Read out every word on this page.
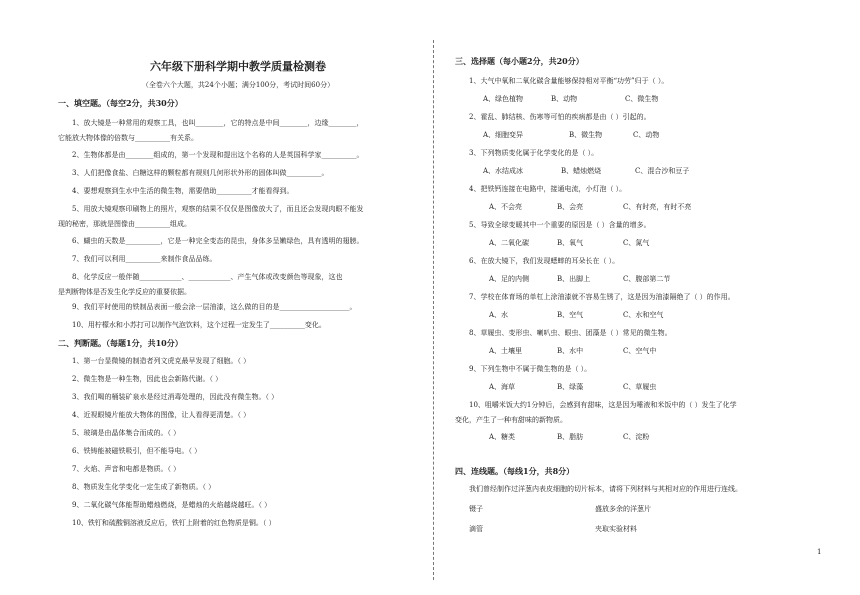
六年级下册科学期中教学质量检测卷
（全卷六个大题，共24个小题；满分100分，考试时间60分）
一、填空题。（每空2分，共30分）
1、放大镜是一种常用的观察工具，也叫________，它的特点是中间________，边缘________，
它能放大物体像的倍数与__________有关系。
2、生物体都是由________组成的，第一个发现和提出这个名称的人是英国科学家__________。
3、人们把像食盐、白糖这样的颗粒都有规则几何形状外形的固体叫做__________。
4、要想观察到生水中生活的微生物，需要借助__________才能看得到。
5、用放大镜观察印刷物上的照片，观察的结果不仅仅是图像放大了，而且还会发现肉眼不能发
现的秘密，那就是图像由__________组成。
6、蝴虫的天数是__________，它是一种完全变态的昆虫，身体多呈嫩绿色，具有透明的翅膀。
7、我们可以利用__________来制作食品品练。
8、化学反应一般伴随____________、____________、产生气体或改变颜色等现象，这也
是判断物体是否发生化学反应的重要依据。
9、我们平时使用的铁制品表面一般会涂一层油漆，这么做的目的是____________________。
10、用柠檬水和小苏打可以制作气泡饮料，这个过程一定发生了__________变化。
二、判断题。（每题1分，共10分）
1、第一台显微镜的制造者列文虎克最早发现了细胞。（ ）
2、微生物是一种生物，因此也会新陈代谢。（ ）
3、我们喝的桶装矿泉水是经过消毒处理的，因此没有微生物。（ ）
4、近视眼镜片能放大物体的图像，让人看得更清楚。（ ）
5、玻璃是由晶体集合而成的。（ ）
6、铁铸能被磁铁吸引，但不能导电。（ ）
7、火焰、声音和电都是物质。（ ）
8、物质发生化学变化一定生成了新物质。（ ）
9、二氧化碳气体能帮助蜡烛燃烧，是蜡烛的火焰越烧越旺。（ ）
10、铁钉和硫酸铜溶液反应后，铁钉上附着的红色物质是铜。（ ）
三、选择题（每小题2分，共20分）
1、大气中氧和二氧化碳含量能够保持相对平衡“功劳”归于（ ）。
A、绿色植物	B、动物	C、微生物
2、霍乱、肺结核、伤寒等可怕的疾病都是由（ ）引起的。
A、细胞变异	B、微生物	C、动物
3、下列物质变化属于化学变化的是（ ）。
A、水结成冰	B、蜡烛燃烧	C、混合沙和豆子
4、把铁钙连接在电路中，接通电流，小灯泡（ ）。
A、不会亮	B、会亮	C、有时亮，有时不亮
5、导致全球变暖其中一个重要的原因是（ ）含量的增多。
A、二氧化碳	B、氧气	C、氮气
6、在放大镜下，我们发现蟋蟀的耳朵长在（ ）。
A、足的内侧	B、出脚上	C、腹部第二节
7、学校在体育场的单杠上涂油漆就不容易生锈了，这是因为油漆隔绝了（ ）的作用。
A、水	B、空气	C、水和空气
8、草履虫、变形虫、喇叭虫、眼虫、团藻是（ ）常见的微生物。
A、土壤里	B、水中	C、空气中
9、下列生物中不属于微生物的是（ ）。
A、海草	B、绿藻	C、草履虫
10、咀嚼米饭大约1分钟后，会感到有甜味，这是因为唾液和米饭中的（ ）发生了化学
变化，产生了一种有甜味的新物质。
A、糖类	B、脂肪	C、淀粉
四、连线题。（每线1分，共8分）
我们曾经制作过洋葱内表皮细胞的切片标本，请将下列材料与其相对应的作用进行连线。
镊子	盛放多余的洋葱片
滴管	夹取实验材料
1
